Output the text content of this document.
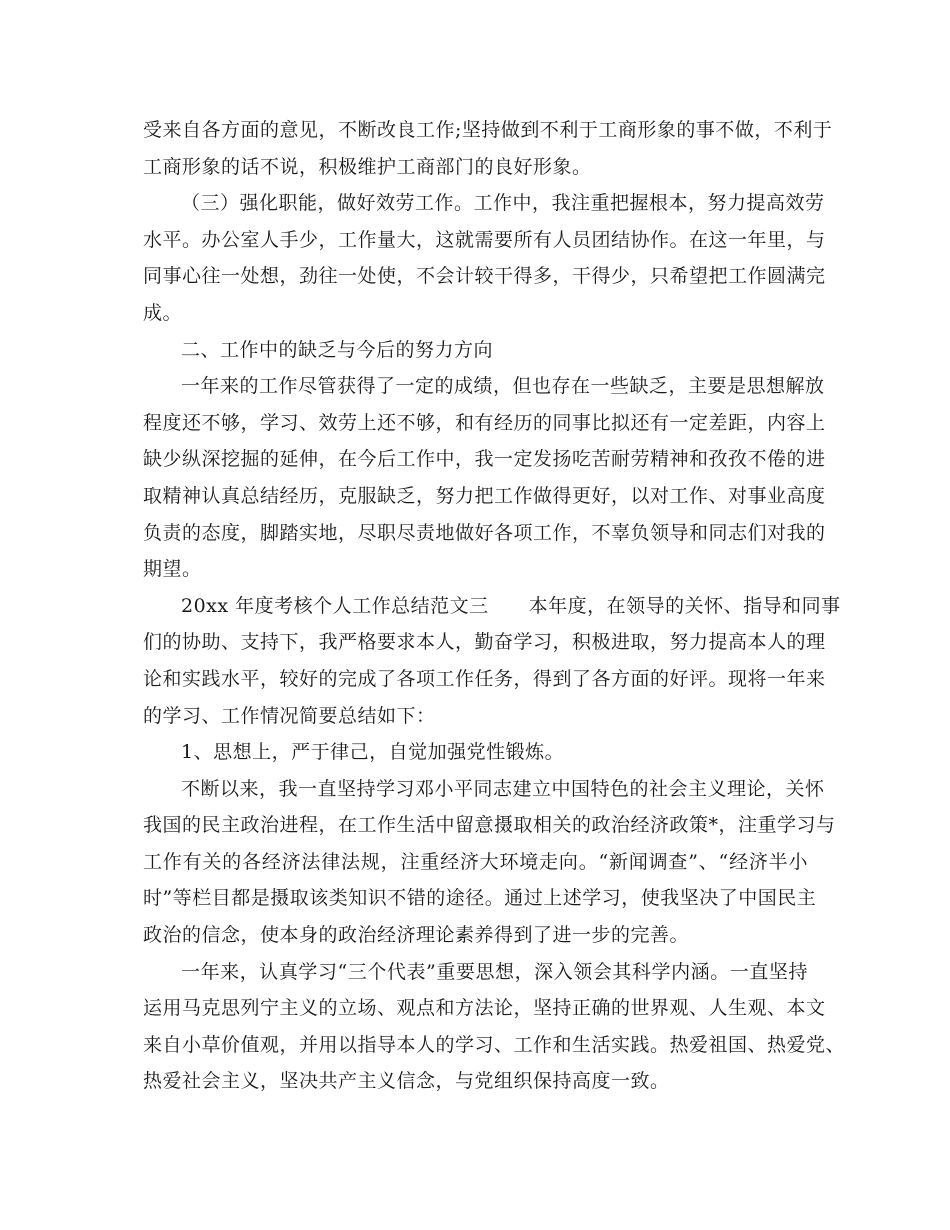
受来自各方面的意见，不断改良工作;坚持做到不利于工商形象的事不做，不利于
工商形象的话不说，积极维护工商部门的良好形象。
（三）强化职能，做好效劳工作。工作中，我注重把握根本，努力提高效劳
水平。办公室人手少，工作量大，这就需要所有人员团结协作。在这一年里，与
同事心往一处想，劲往一处使，不会计较干得多，干得少，只希望把工作圆满完
成。
二、工作中的缺乏与今后的努力方向
一年来的工作尽管获得了一定的成绩，但也存在一些缺乏，主要是思想解放
程度还不够，学习、效劳上还不够，和有经历的同事比拟还有一定差距，内容上
缺少纵深挖掘的延伸，在今后工作中，我一定发扬吃苦耐劳精神和孜孜不倦的进
取精神认真总结经历，克服缺乏，努力把工作做得更好，以对工作、对事业高度
负责的态度，脚踏实地，尽职尽责地做好各项工作，不辜负领导和同志们对我的
期望。
20xx 年度考核个人工作总结范文三 本年度，在领导的关怀、指导和同事
们的协助、支持下，我严格要求本人，勤奋学习，积极进取，努力提高本人的理
论和实践水平，较好的完成了各项工作任务，得到了各方面的好评。现将一年来
的学习、工作情况简要总结如下：
1、思想上，严于律己，自觉加强党性锻炼。
不断以来，我一直坚持学习邓小平同志建立中国特色的社会主义理论，关怀
我国的民主政治进程，在工作生活中留意摄取相关的政治经济政策*，注重学习与
工作有关的各经济法律法规，注重经济大环境走向。“新闻调查”、“经济半小
时”等栏目都是摄取该类知识不错的途径。通过上述学习，使我坚决了中国民主
政治的信念，使本身的政治经济理论素养得到了进一步的完善。
一年来，认真学习“三个代表”重要思想，深入领会其科学内涵。一直坚持
运用马克思列宁主义的立场、观点和方法论，坚持正确的世界观、人生观、本文
来自小草价值观，并用以指导本人的学习、工作和生活实践。热爱祖国、热爱党、
热爱社会主义，坚决共产主义信念，与党组织保持高度一致。
